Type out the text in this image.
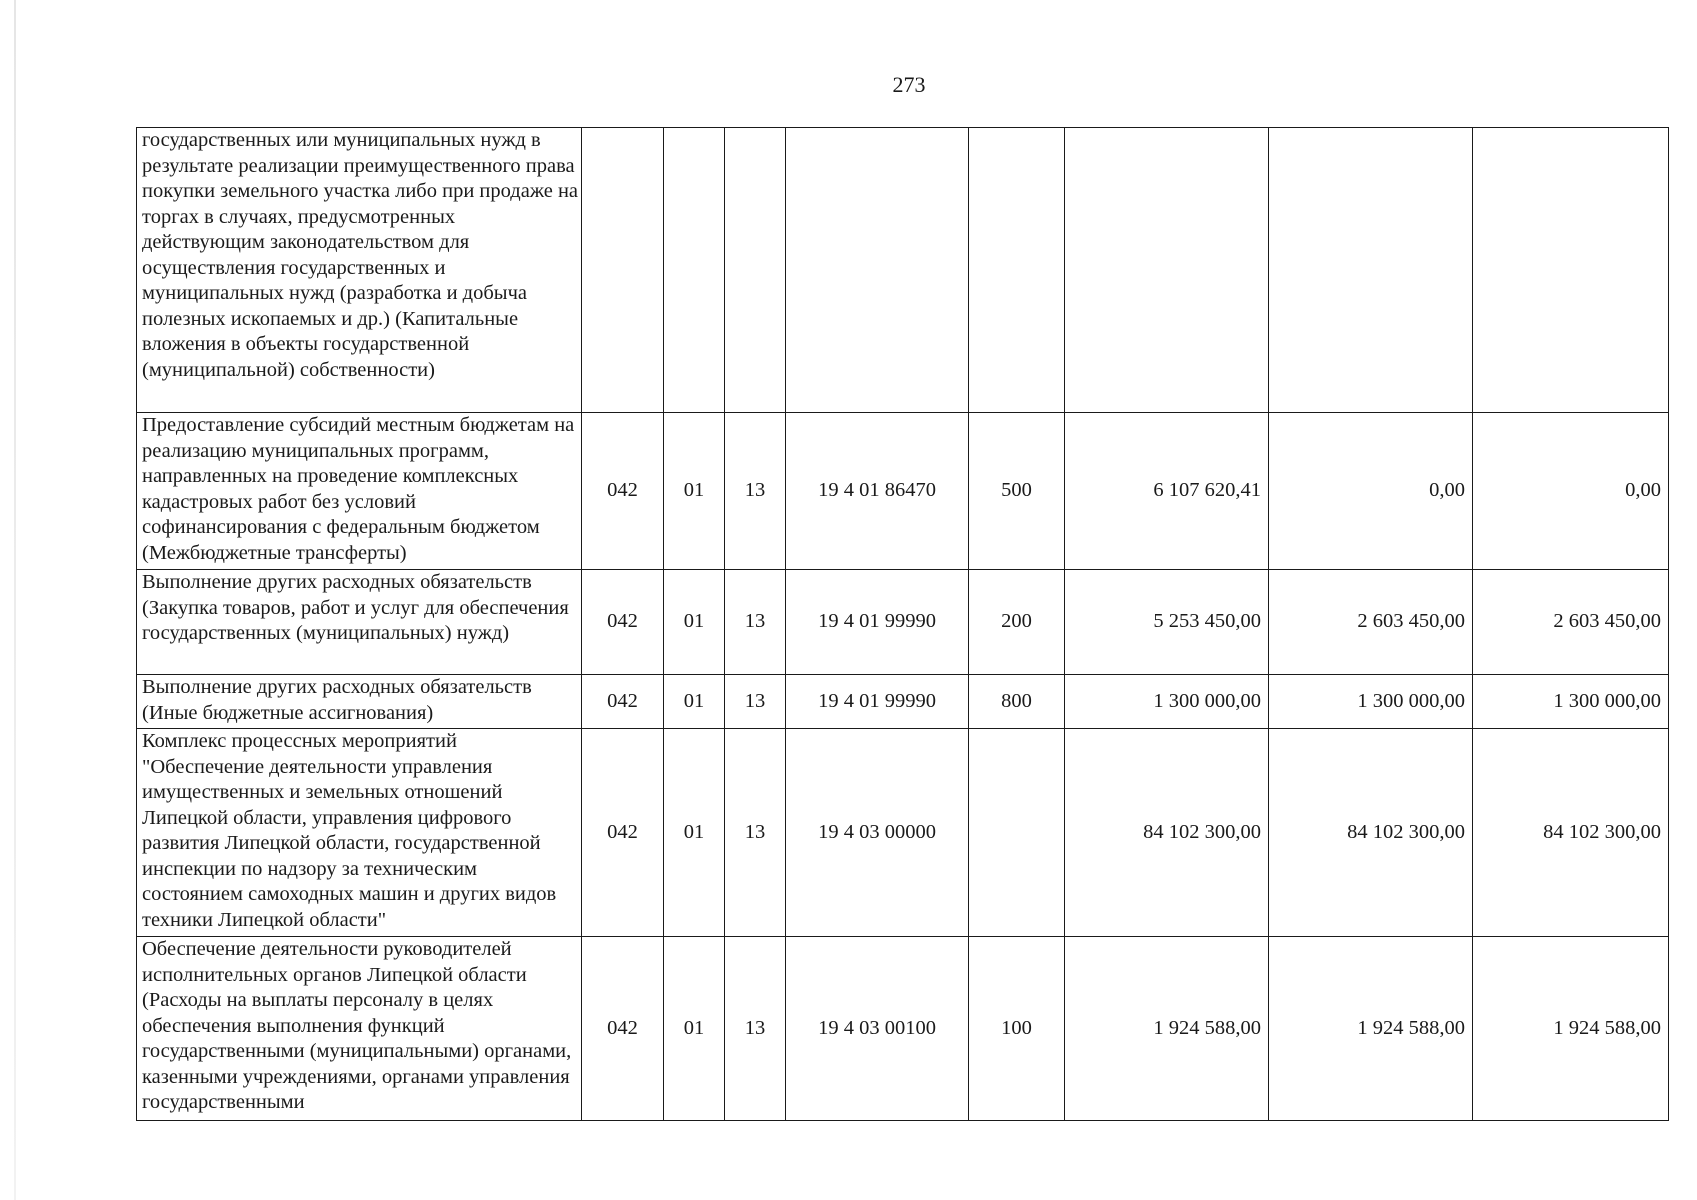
273
государственных или муниципальных нужд в результате реализации преимущественного права покупки земельного участка либо при продаже на торгах в случаях, предусмотренных действующим законодательством для осуществления государственных и муниципальных нужд (разработка и добыча полезных ископаемых и др.) (Капитальные вложения в объекты государственной (муниципальной) собственности)								
Предоставление субсидий местным бюджетам на реализацию муниципальных программ, направленных на проведение комплексных кадастровых работ без условий софинансирования с федеральным бюджетом (Межбюджетные трансферты)	042	01	13	19 4 01 86470	500	6 107 620,41	0,00	0,00
Выполнение других расходных обязательств (Закупка товаров, работ и услуг для обеспечения государственных (муниципальных) нужд)	042	01	13	19 4 01 99990	200	5 253 450,00	2 603 450,00	2 603 450,00
Выполнение других расходных обязательств (Иные бюджетные ассигнования)	042	01	13	19 4 01 99990	800	1 300 000,00	1 300 000,00	1 300 000,00
Комплекс процессных мероприятий "Обеспечение деятельности управления имущественных и земельных отношений Липецкой области, управления цифрового развития Липецкой области, государственной инспекции по надзору за техническим состоянием самоходных машин и других видов техники Липецкой области"	042	01	13	19 4 03 00000		84 102 300,00	84 102 300,00	84 102 300,00
Обеспечение деятельности руководителей исполнительных органов Липецкой области (Расходы на выплаты персоналу в целях обеспечения выполнения функций государственными (муниципальными) органами, казенными учреждениями, органами управления государственными	042	01	13	19 4 03 00100	100	1 924 588,00	1 924 588,00	1 924 588,00
